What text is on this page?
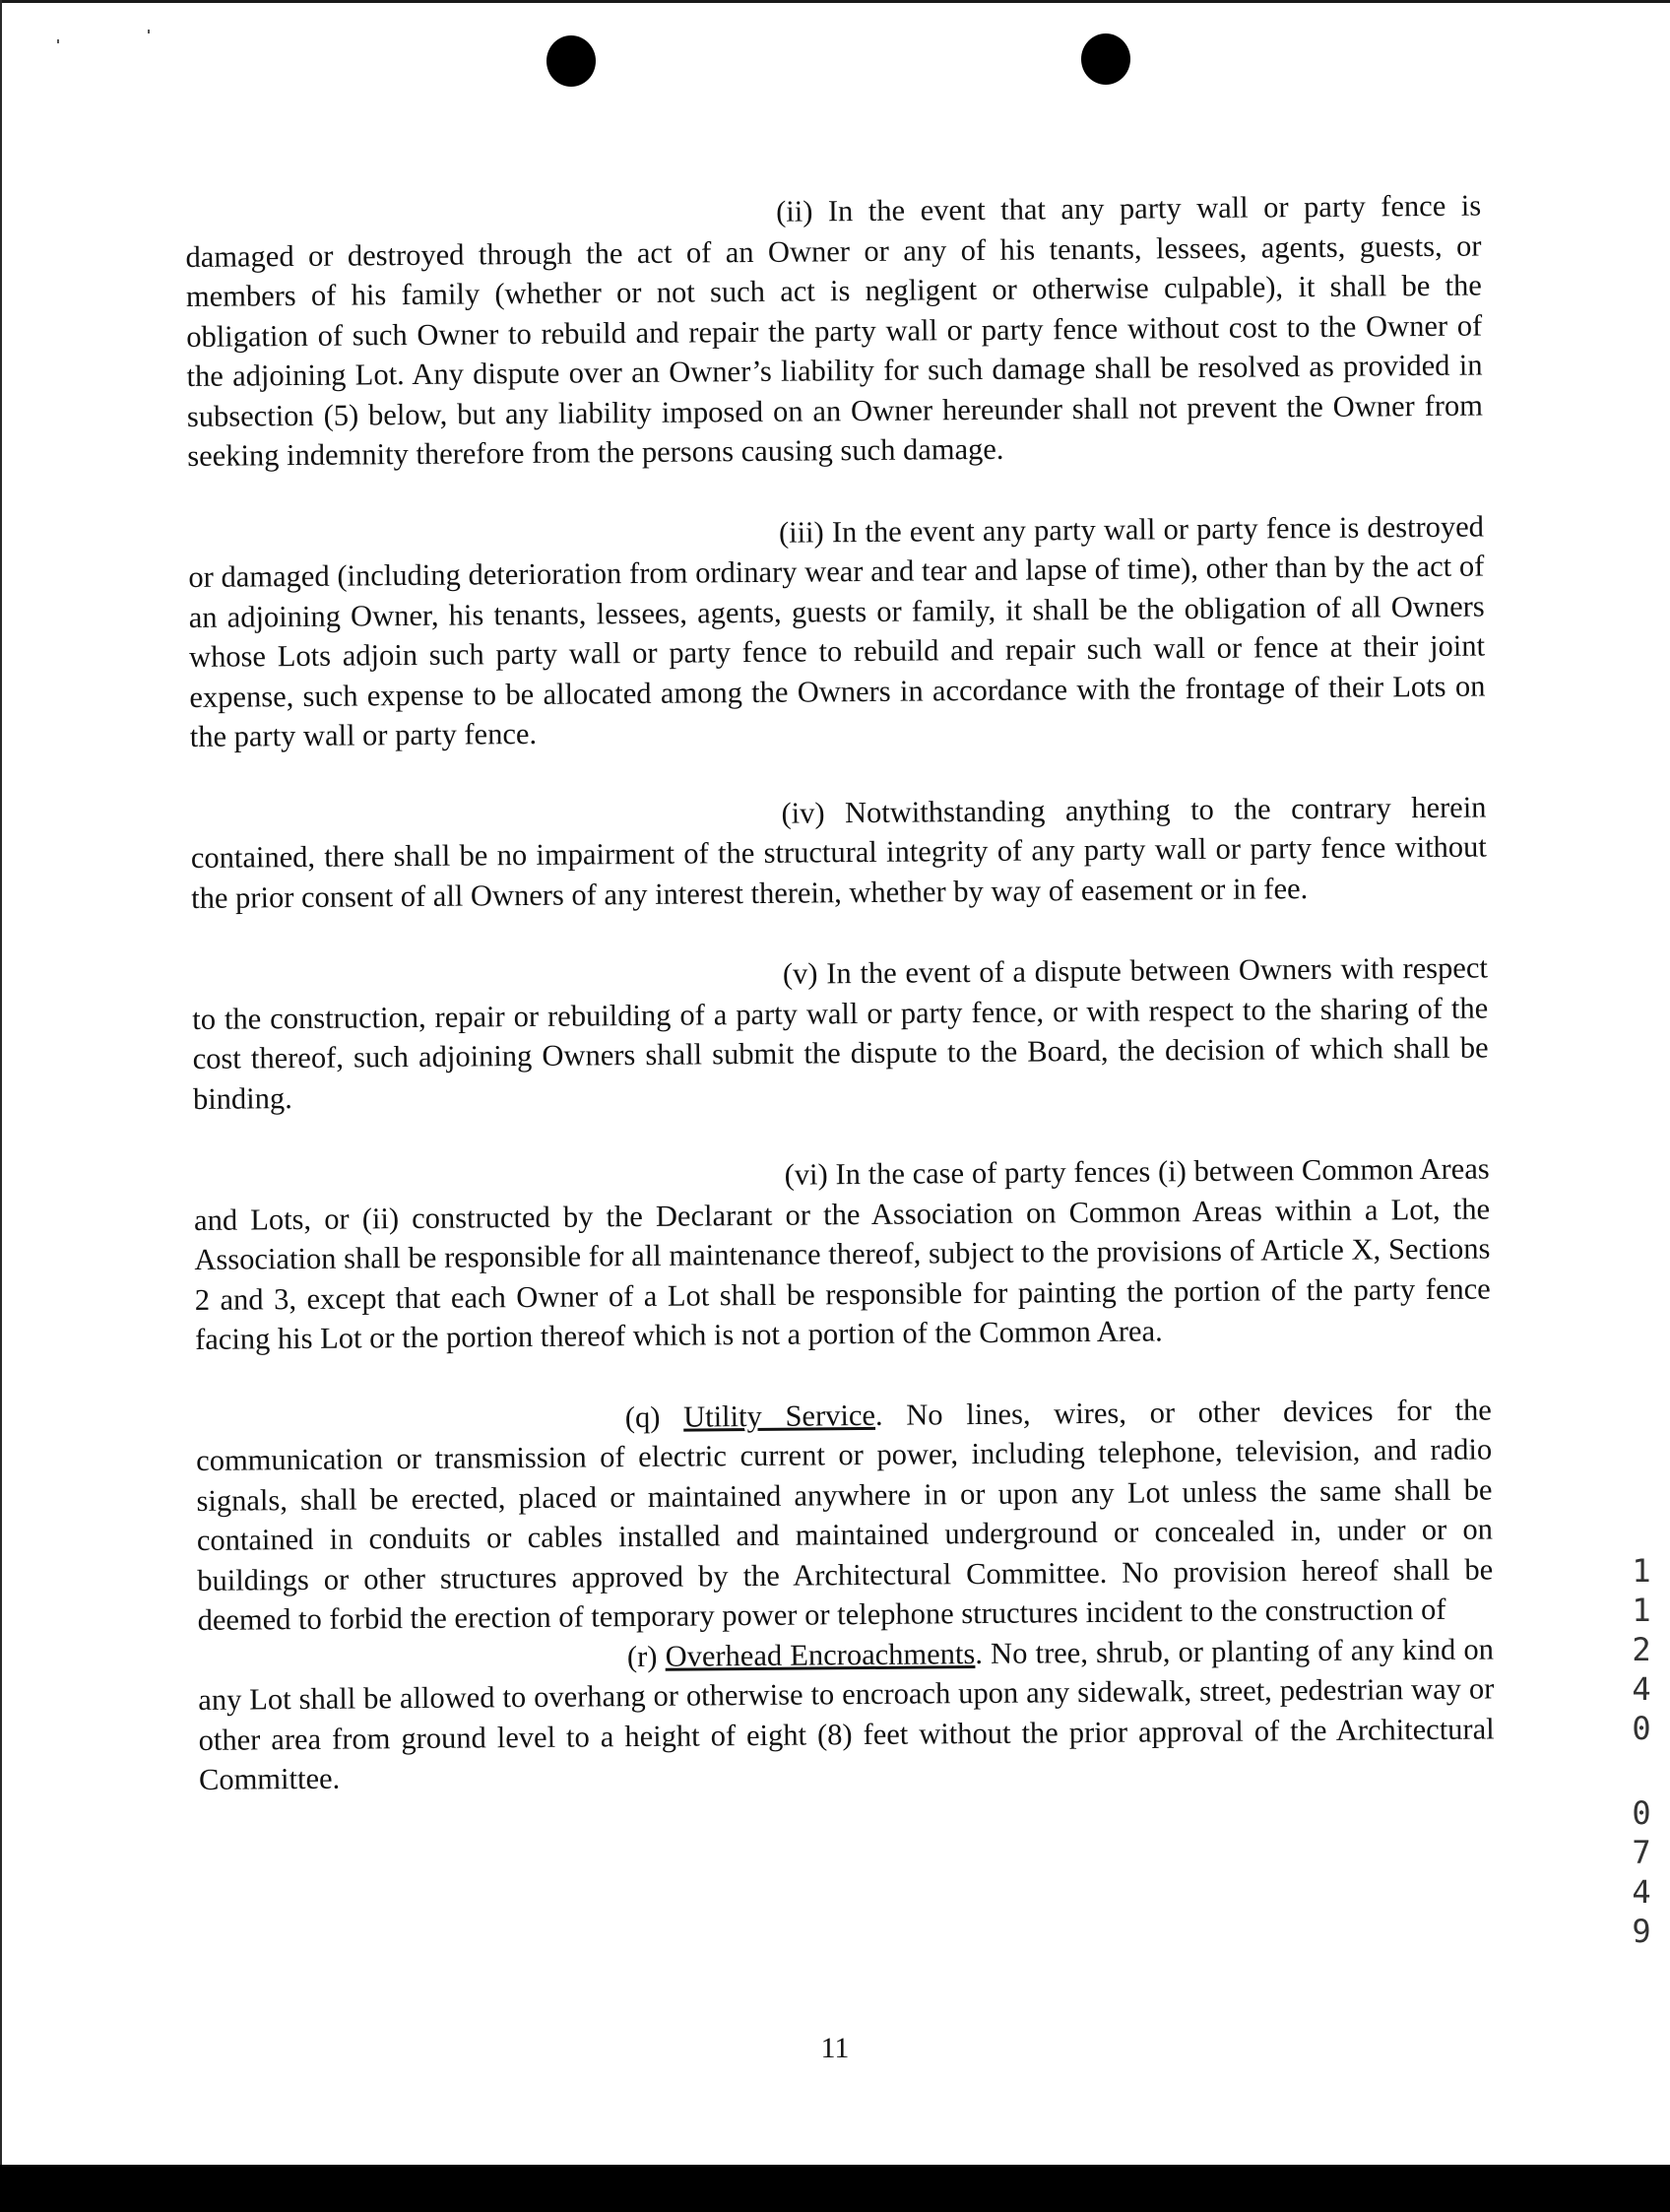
(ii) In the event that any party wall or party fence is damaged or destroyed through the act of an Owner or any of his tenants, lessees, agents, guests, or members of his family (whether or not such act is negligent or otherwise culpable), it shall be the obligation of such Owner to rebuild and repair the party wall or party fence without cost to the Owner of the adjoining Lot. Any dispute over an Owner’s liability for such damage shall be resolved as provided in subsection (5) below, but any liability imposed on an Owner hereunder shall not prevent the Owner from seeking indemnity therefore from the persons causing such damage.

(iii) In the event any party wall or party fence is destroyed or damaged (including deterioration from ordinary wear and tear and lapse of time), other than by the act of an adjoining Owner, his tenants, lessees, agents, guests or family, it shall be the obligation of all Owners whose Lots adjoin such party wall or party fence to rebuild and repair such wall or fence at their joint expense, such expense to be allocated among the Owners in accordance with the frontage of their Lots on the party wall or party fence.

(iv) Notwithstanding anything to the contrary herein contained, there shall be no impairment of the structural integrity of any party wall or party fence without the prior consent of all Owners of any interest therein, whether by way of easement or in fee.

(v) In the event of a dispute between Owners with respect to the construction, repair or rebuilding of a party wall or party fence, or with respect to the sharing of the cost thereof, such adjoining Owners shall submit the dispute to the Board, the decision of which shall be binding.

(vi) In the case of party fences (i) between Common Areas and Lots, or (ii) constructed by the Declarant or the Association on Common Areas within a Lot, the Association shall be responsible for all maintenance thereof, subject to the provisions of Article X, Sections 2 and 3, except that each Owner of a Lot shall be responsible for painting the portion of the party fence facing his Lot or the portion thereof which is not a portion of the Common Area.

(q) Utility Service. No lines, wires, or other devices for the communication or transmission of electric current or power, including telephone, television, and radio signals, shall be erected, placed or maintained anywhere in or upon any Lot unless the same shall be contained in conduits or cables installed and maintained underground or concealed in, under or on buildings or other structures approved by the Architectural Committee. No provision hereof shall be deemed to forbid the erection of temporary power or telephone structures incident to the construction of

(r) Overhead Encroachments. No tree, shrub, or planting of any kind on any Lot shall be allowed to overhang or otherwise to encroach upon any sidewalk, street, pedestrian way or other area from ground level to a height of eight (8) feet without the prior approval of the Architectural Committee.

11
1
1
2
4
0
0
7
4
9
